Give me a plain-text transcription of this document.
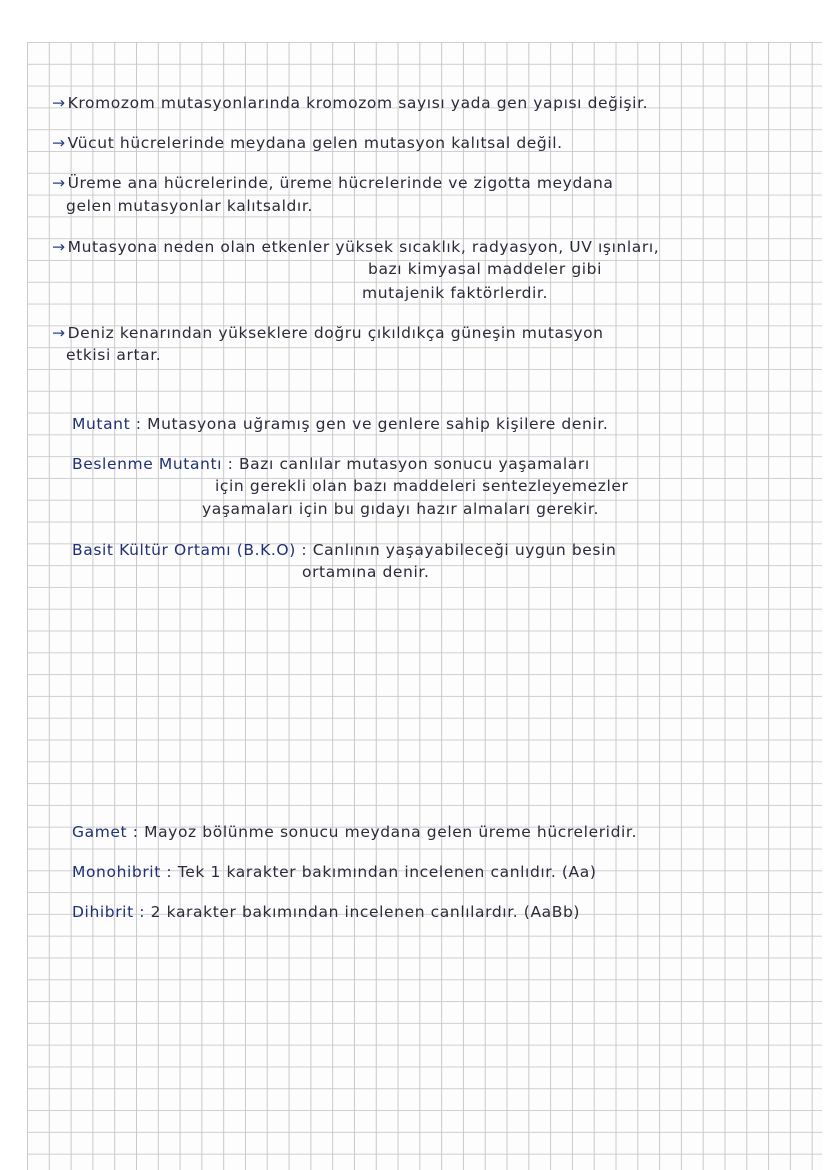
→ Kromozom mutasyonlarında kromozom sayısı yada gen yapısı değişir.
→ Vücut hücrelerinde meydana gelen mutasyon kalıtsal değil.
→ Üreme ana hücrelerinde, üreme hücrelerinde ve zigotta meydana
gelen mutasyonlar kalıtsaldır.
→ Mutasyona neden olan etkenler yüksek sıcaklık, radyasyon, UV ışınları,
bazı kimyasal maddeler gibi
mutajenik faktörlerdir.
→ Deniz kenarından yükseklere doğru çıkıldıkça güneşin mutasyon
etkisi artar.
Mutant : Mutasyona uğramış gen ve genlere sahip kişilere denir.
Beslenme Mutantı : Bazı canlılar mutasyon sonucu yaşamaları
için gerekli olan bazı maddeleri sentezleyemezler
yaşamaları için bu gıdayı hazır almaları gerekir.
Basit Kültür Ortamı (B.K.O) : Canlının yaşayabileceği uygun besin
ortamına denir.
Gamet : Mayoz bölünme sonucu meydana gelen üreme hücreleridir.
Monohibrit : Tek 1 karakter bakımından incelenen canlıdır. (Aa)
Dihibrit : 2 karakter bakımından incelenen canlılardır. (AaBb)
